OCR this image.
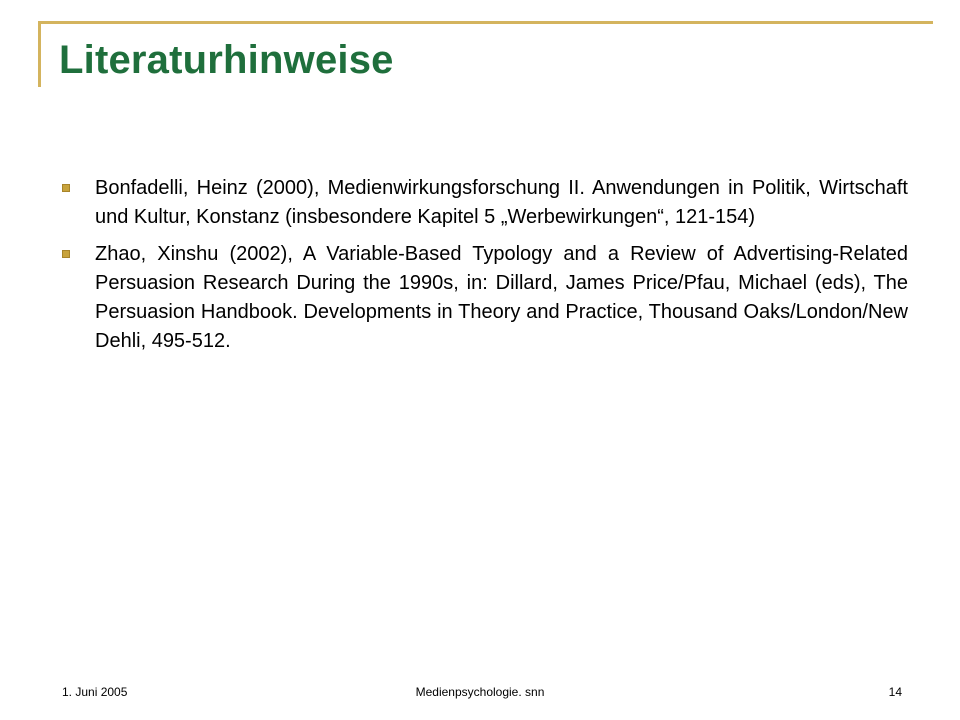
Literaturhinweise
Bonfadelli, Heinz (2000), Medienwirkungsforschung II. Anwendungen in Politik, Wirtschaft und Kultur, Konstanz (insbesondere Kapitel 5 „Werbewirkungen“, 121-154)
Zhao, Xinshu (2002), A Variable-Based Typology and a Review of Advertising-Related Persuasion Research During the 1990s, in: Dillard, James Price/Pfau, Michael (eds), The Persuasion Handbook. Developments in Theory and Practice, Thousand Oaks/London/New Dehli, 495-512.
1. Juni 2005	Medienpsychologie. snn	14
